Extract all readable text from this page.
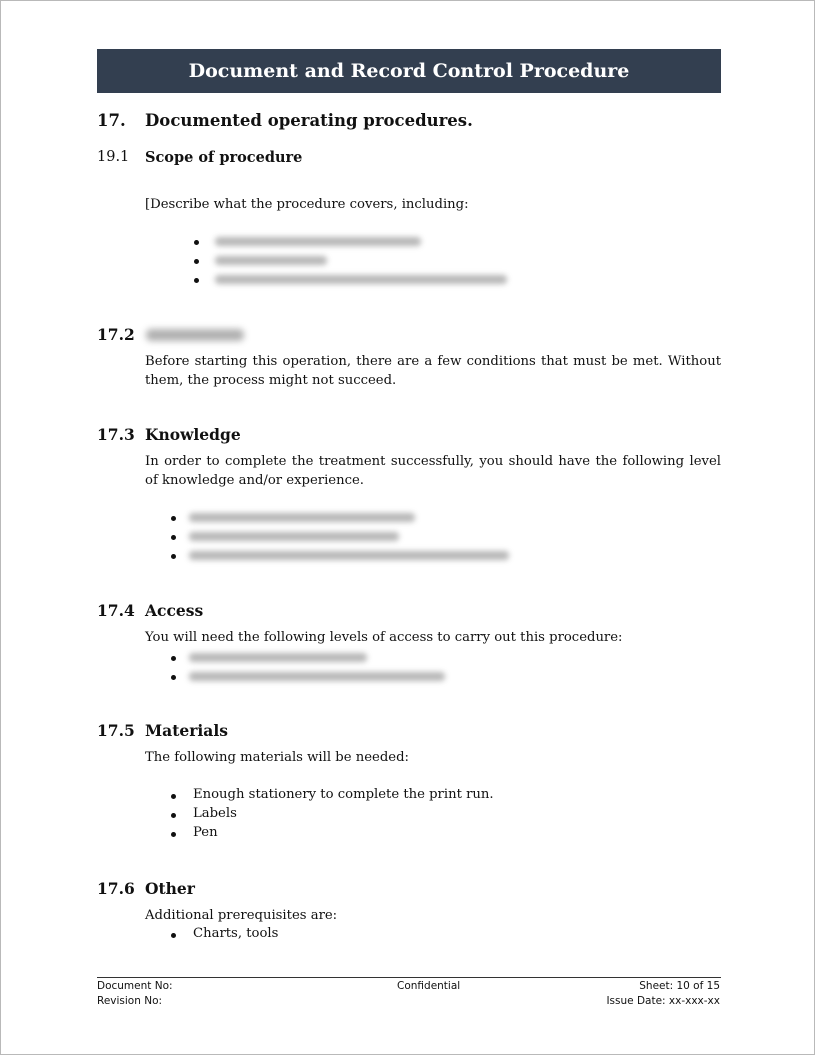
Document and Record Control Procedure
17. Documented operating procedures.
19.1 Scope of procedure
[Describe what the procedure covers, including:
17.2
Before starting this operation, there are a few conditions that must be met. Without them, the process might not succeed.
17.3 Knowledge
In order to complete the treatment successfully, you should have the following level of knowledge and/or experience.
17.4 Access
You will need the following levels of access to carry out this procedure:
17.5 Materials
The following materials will be needed:
Enough stationery to complete the print run.
Labels
Pen
17.6 Other
Additional prerequisites are:
Charts, tools
Document No:
Revision No:
Confidential	Sheet: 10 of 15
Issue Date: xx-xxx-xx
